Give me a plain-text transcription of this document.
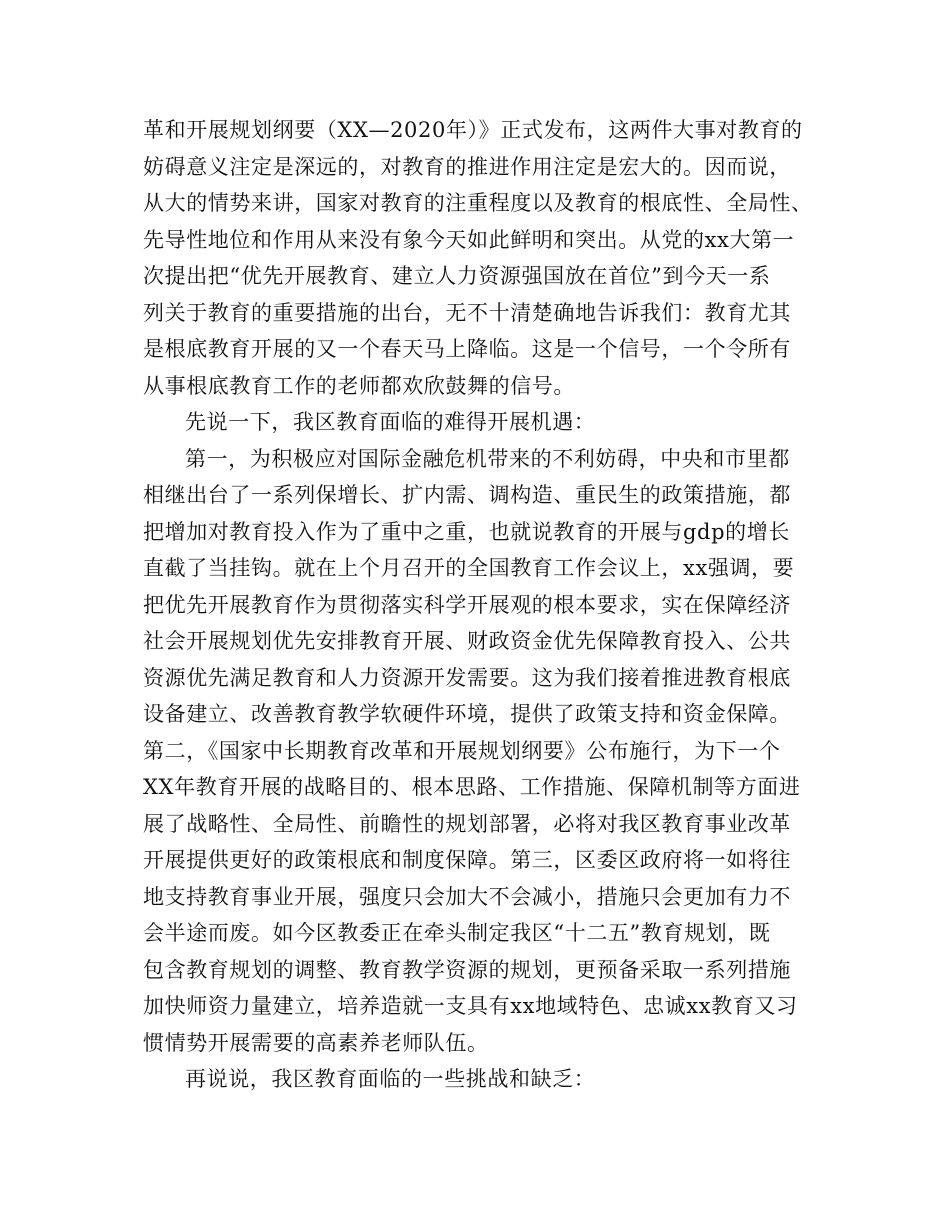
革和开展规划纲要（XX—2020年）》正式发布，这两件大事对教育的
妨碍意义注定是深远的，对教育的推进作用注定是宏大的。因而说，
从大的情势来讲，国家对教育的注重程度以及教育的根底性、全局性、
先导性地位和作用从来没有象今天如此鲜明和突出。从党的xx大第一
次提出把“优先开展教育、建立人力资源强国放在首位”到今天一系
列关于教育的重要措施的出台，无不十清楚确地告诉我们：教育尤其
是根底教育开展的又一个春天马上降临。这是一个信号，一个令所有
从事根底教育工作的老师都欢欣鼓舞的信号。
先说一下，我区教育面临的难得开展机遇：
第一，为积极应对国际金融危机带来的不利妨碍，中央和市里都
相继出台了一系列保增长、扩内需、调构造、重民生的政策措施，都
把增加对教育投入作为了重中之重，也就说教育的开展与gdp的增长
直截了当挂钩。就在上个月召开的全国教育工作会议上，xx强调，要
把优先开展教育作为贯彻落实科学开展观的根本要求，实在保障经济
社会开展规划优先安排教育开展、财政资金优先保障教育投入、公共
资源优先满足教育和人力资源开发需要。这为我们接着推进教育根底
设备建立、改善教育教学软硬件环境，提供了政策支持和资金保障。
第二，《国家中长期教育改革和开展规划纲要》公布施行，为下一个
XX年教育开展的战略目的、根本思路、工作措施、保障机制等方面进
展了战略性、全局性、前瞻性的规划部署，必将对我区教育事业改革
开展提供更好的政策根底和制度保障。第三，区委区政府将一如将往
地支持教育事业开展，强度只会加大不会减小，措施只会更加有力不
会半途而废。如今区教委正在牵头制定我区“十二五”教育规划，既
包含教育规划的调整、教育教学资源的规划，更预备采取一系列措施
加快师资力量建立，培养造就一支具有xx地域特色、忠诚xx教育又习
惯情势开展需要的高素养老师队伍。
再说说，我区教育面临的一些挑战和缺乏：
